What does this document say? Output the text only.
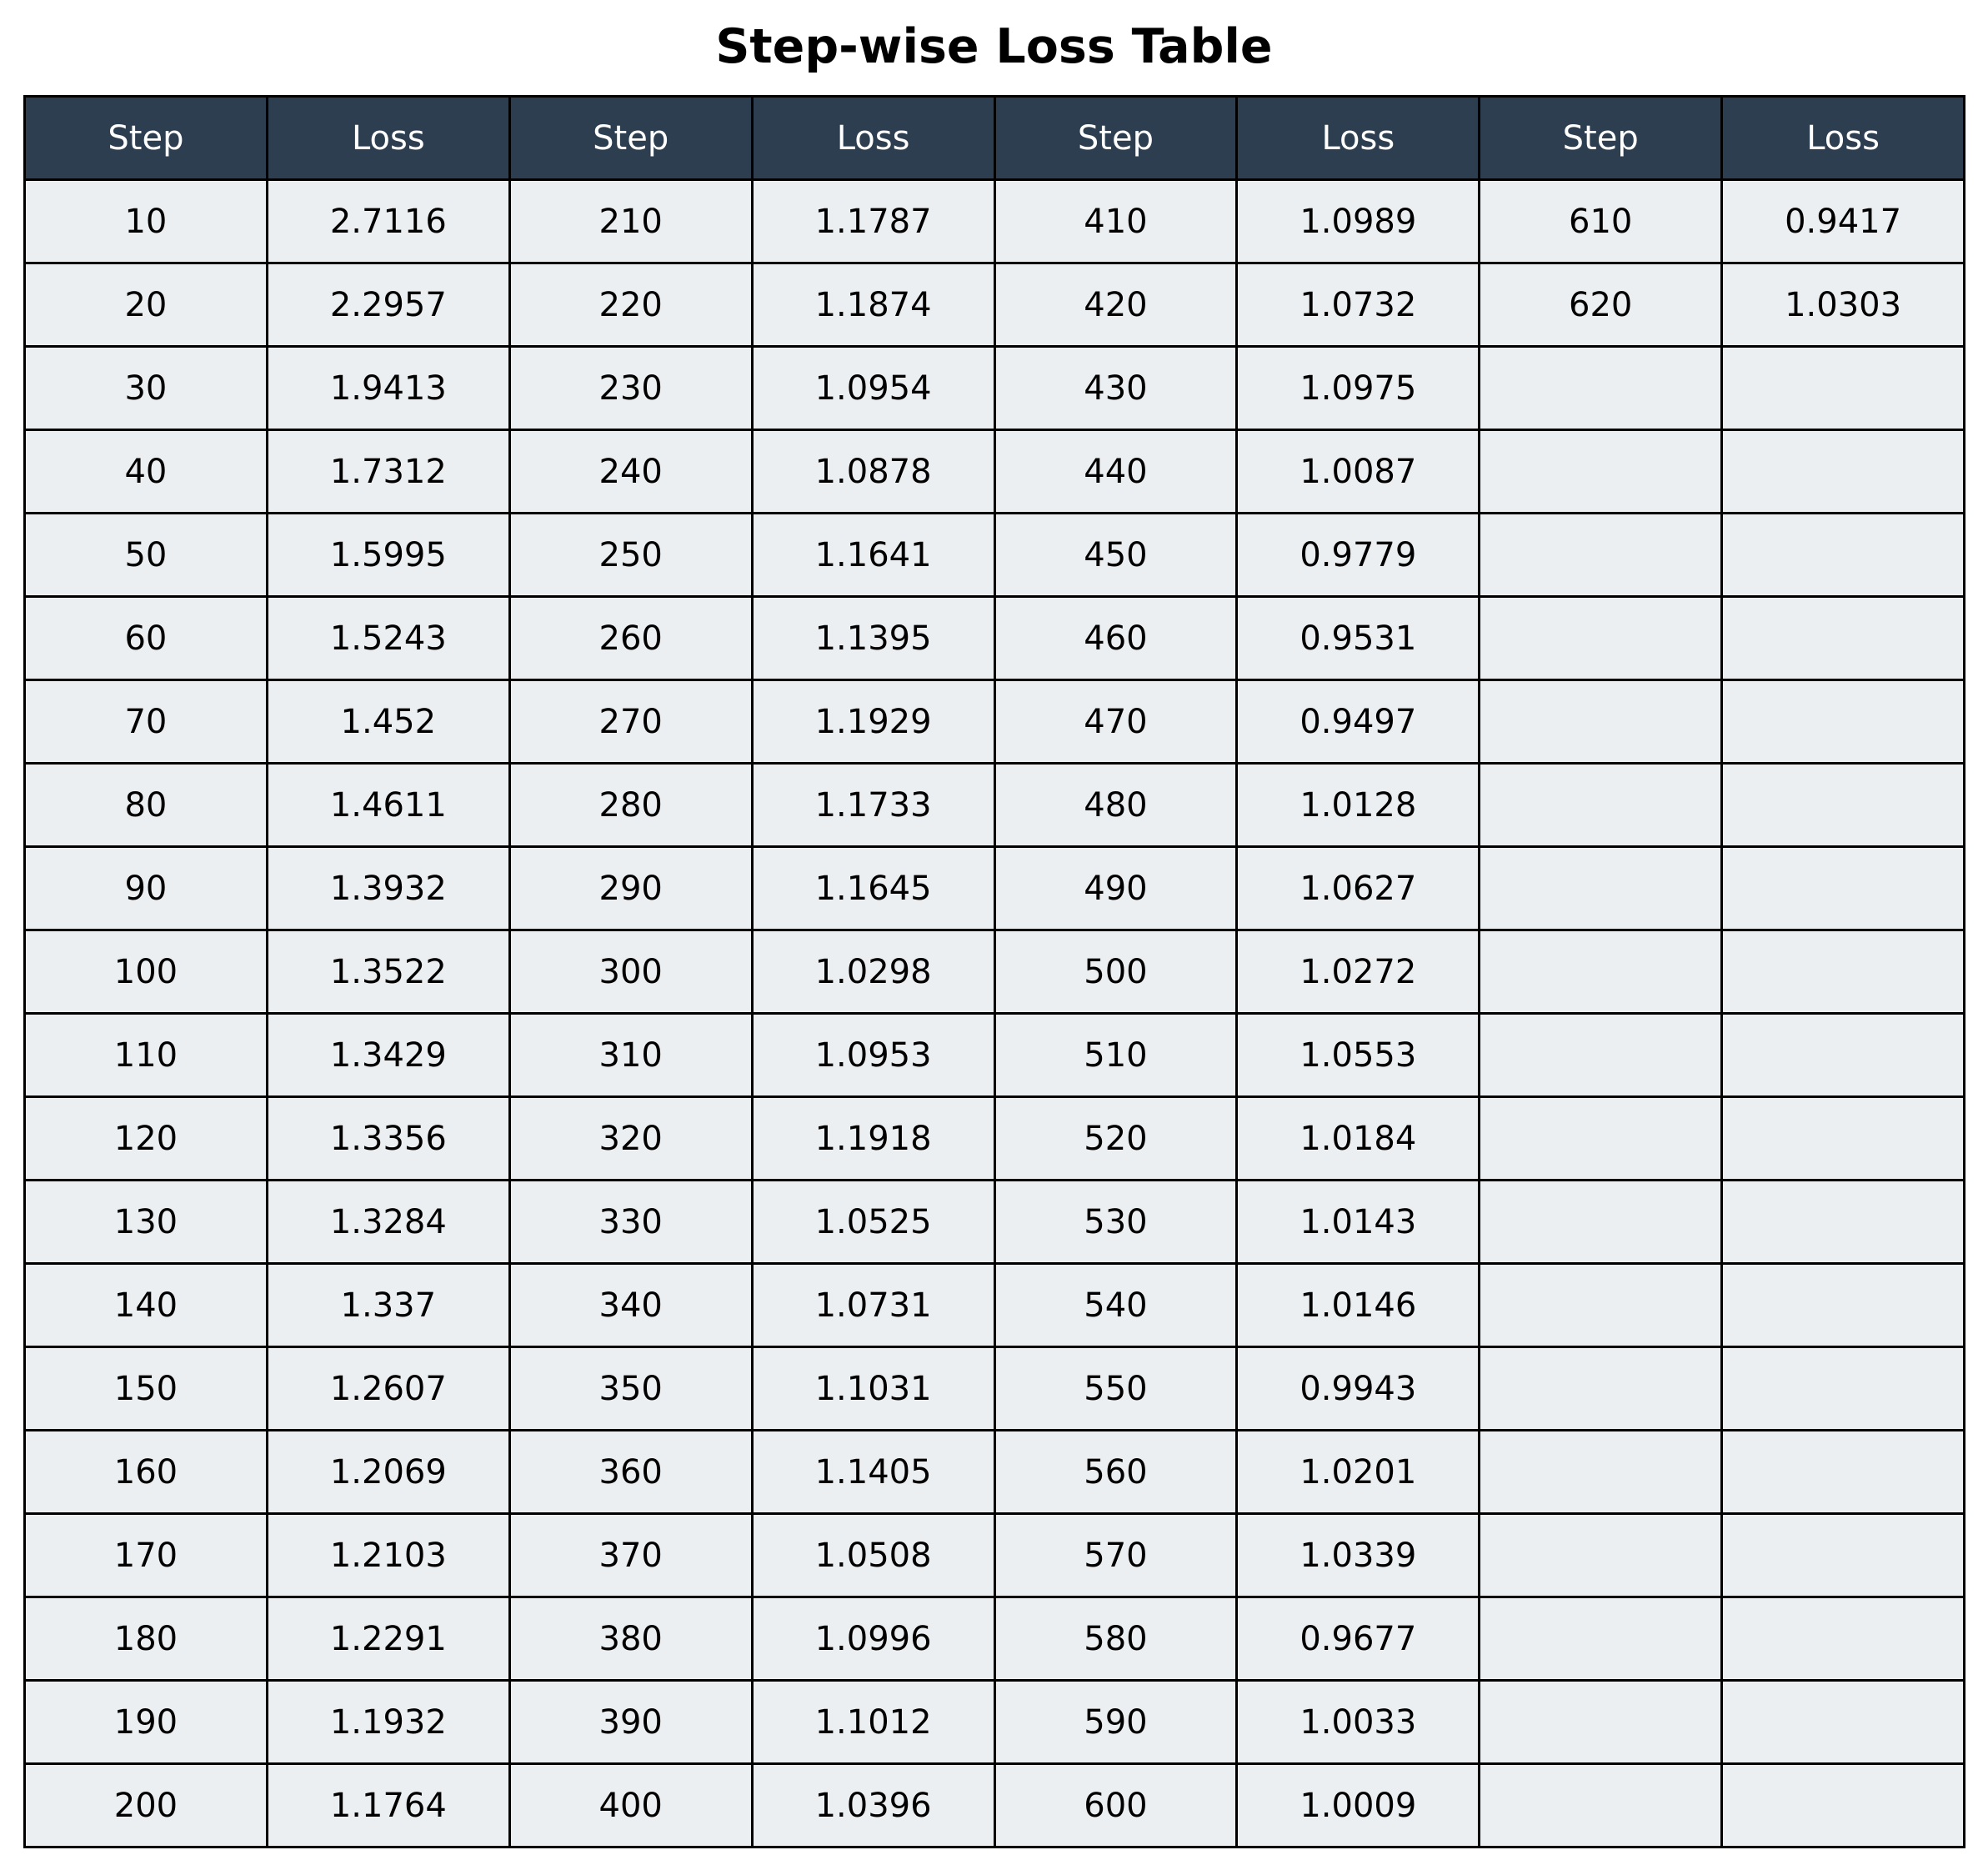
Step-wise Loss Table
Step	Loss	Step	Loss	Step	Loss	Step	Loss
10	2.7116	210	1.1787	410	1.0989	610	0.9417
20	2.2957	220	1.1874	420	1.0732	620	1.0303
30	1.9413	230	1.0954	430	1.0975		
40	1.7312	240	1.0878	440	1.0087		
50	1.5995	250	1.1641	450	0.9779		
60	1.5243	260	1.1395	460	0.9531		
70	1.452	270	1.1929	470	0.9497		
80	1.4611	280	1.1733	480	1.0128		
90	1.3932	290	1.1645	490	1.0627		
100	1.3522	300	1.0298	500	1.0272		
110	1.3429	310	1.0953	510	1.0553		
120	1.3356	320	1.1918	520	1.0184		
130	1.3284	330	1.0525	530	1.0143		
140	1.337	340	1.0731	540	1.0146		
150	1.2607	350	1.1031	550	0.9943		
160	1.2069	360	1.1405	560	1.0201		
170	1.2103	370	1.0508	570	1.0339		
180	1.2291	380	1.0996	580	0.9677		
190	1.1932	390	1.1012	590	1.0033		
200	1.1764	400	1.0396	600	1.0009		
